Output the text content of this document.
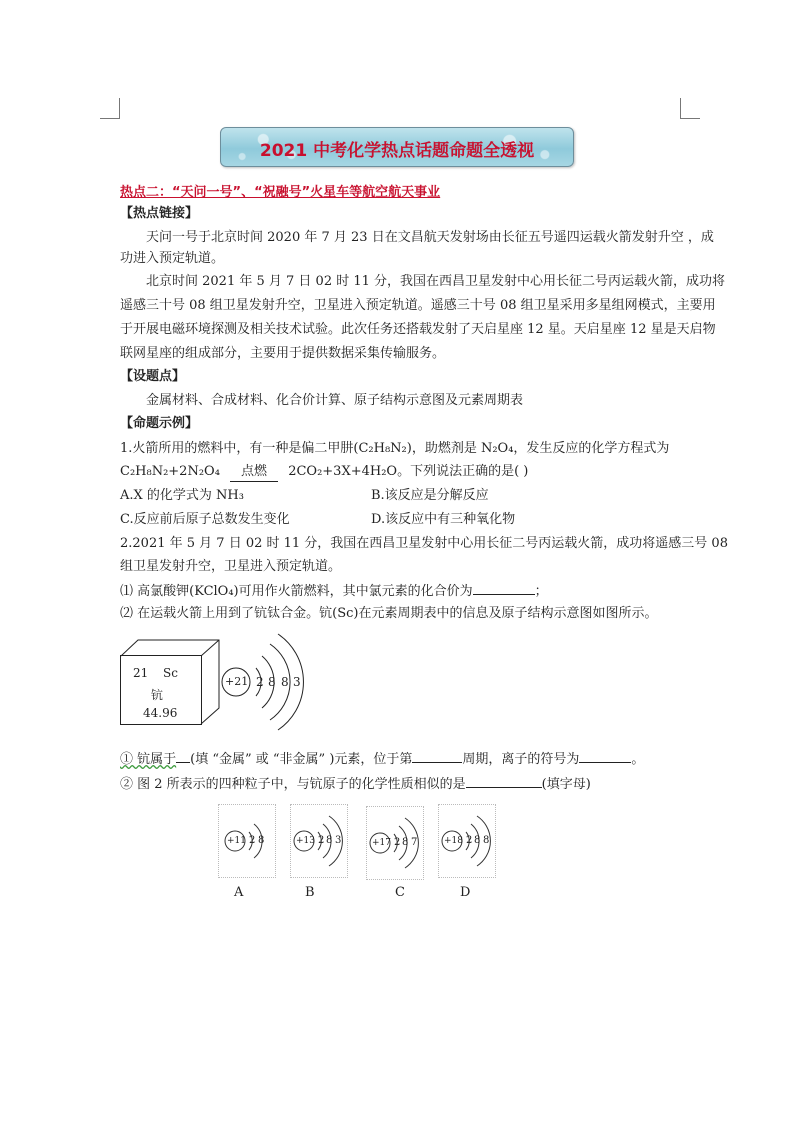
2021 中考化学热点话题命题全透视
热点二：“天问一号”、“祝融号”火星车等航空航天事业
【热点链接】
天问一号于北京时间 2020 年 7 月 23 日在文昌航天发射场由长征五号遥四运载火箭发射升空 ，成
功进入预定轨道。
北京时间 2021 年 5 月 7 日 02 时 11 分，我国在西昌卫星发射中心用长征二号丙运载火箭，成功将
遥感三十号 08 组卫星发射升空，卫星进入预定轨道。遥感三十号 08 组卫星采用多星组网模式，主要用
于开展电磁环境探测及相关技术试验。此次任务还搭载发射了天启星座 12 星。天启星座 12 星是天启物
联网星座的组成部分，主要用于提供数据采集传输服务。
【设题点】
金属材料、合成材料、化合价计算、原子结构示意图及元素周期表
【命题示例】
1.火箭所用的燃料中，有一种是偏二甲肼(C₂H₈N₂)，助燃剂是 N₂O₄，发生反应的化学方程式为
C₂H₈N₂+2N₂O₄ 点燃 2CO₂+3X+4H₂O。下列说法正确的是( )
A.X 的化学式为 NH₃	B.该反应是分解反应
C.反应前后原子总数发生变化	D.该反应中有三种氧化物
2.2021 年 5 月 7 日 02 时 11 分，我国在西昌卫星发射中心用长征二号丙运载火箭，成功将遥感三号 08
组卫星发射升空，卫星进入预定轨道。
⑴ 高氯酸钾(KClO₄)可用作火箭燃料，其中氯元素的化合价为	；
⑵ 在运载火箭上用到了钪钛合金。钪(Sc)在元素周期表中的信息及原子结构示意图如图所示。
21 Sc
钪
44.96
+21 2 8 8 3
① 钪属于 (填 “金属” 或 “非金属” )元素，位于第	周期，离子的符号为	。
② 图 2 所表示的四种粒子中，与钪原子的化学性质相似的是	(填字母)
+11 2 8	+13 2 8 3	+17 2 8 7	+18 2 8 8
A	B	C	D
